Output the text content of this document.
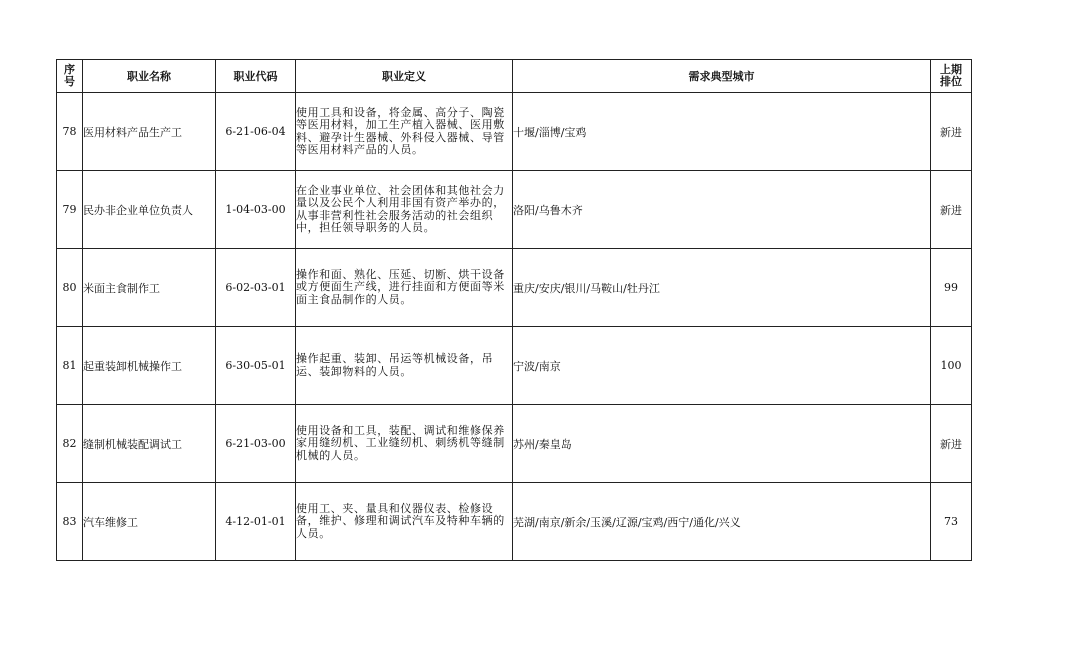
序号	职业名称	职业代码	职业定义	需求典型城市	上期排位

78	医用材料产品生产工	6-21-06-04	使用工具和设备，将金属、高分子、陶瓷等医用材料，加工生产植入器械、医用敷料、避孕计生器械、外科侵入器械、导管等医用材料产品的人员。	十堰/淄博/宝鸡	新进
79	民办非企业单位负责人	1-04-03-00	在企业事业单位、社会团体和其他社会力量以及公民个人利用非国有资产举办的，从事非营利性社会服务活动的社会组织中，担任领导职务的人员。	洛阳/乌鲁木齐	新进
80	米面主食制作工	6-02-03-01	操作和面、熟化、压延、切断、烘干设备或方便面生产线，进行挂面和方便面等米面主食品制作的人员。	重庆/安庆/银川/马鞍山/牡丹江	99
81	起重装卸机械操作工	6-30-05-01	操作起重、装卸、吊运等机械设备，吊运、装卸物料的人员。	宁波/南京	100
82	缝制机械装配调试工	6-21-03-00	使用设备和工具，装配、调试和维修保养家用缝纫机、工业缝纫机、刺绣机等缝制机械的人员。	苏州/秦皇岛	新进
83	汽车维修工	4-12-01-01	使用工、夹、量具和仪器仪表、检修设备，维护、修理和调试汽车及特种车辆的人员。	芜湖/南京/新余/玉溪/辽源/宝鸡/西宁/通化/兴义	73
